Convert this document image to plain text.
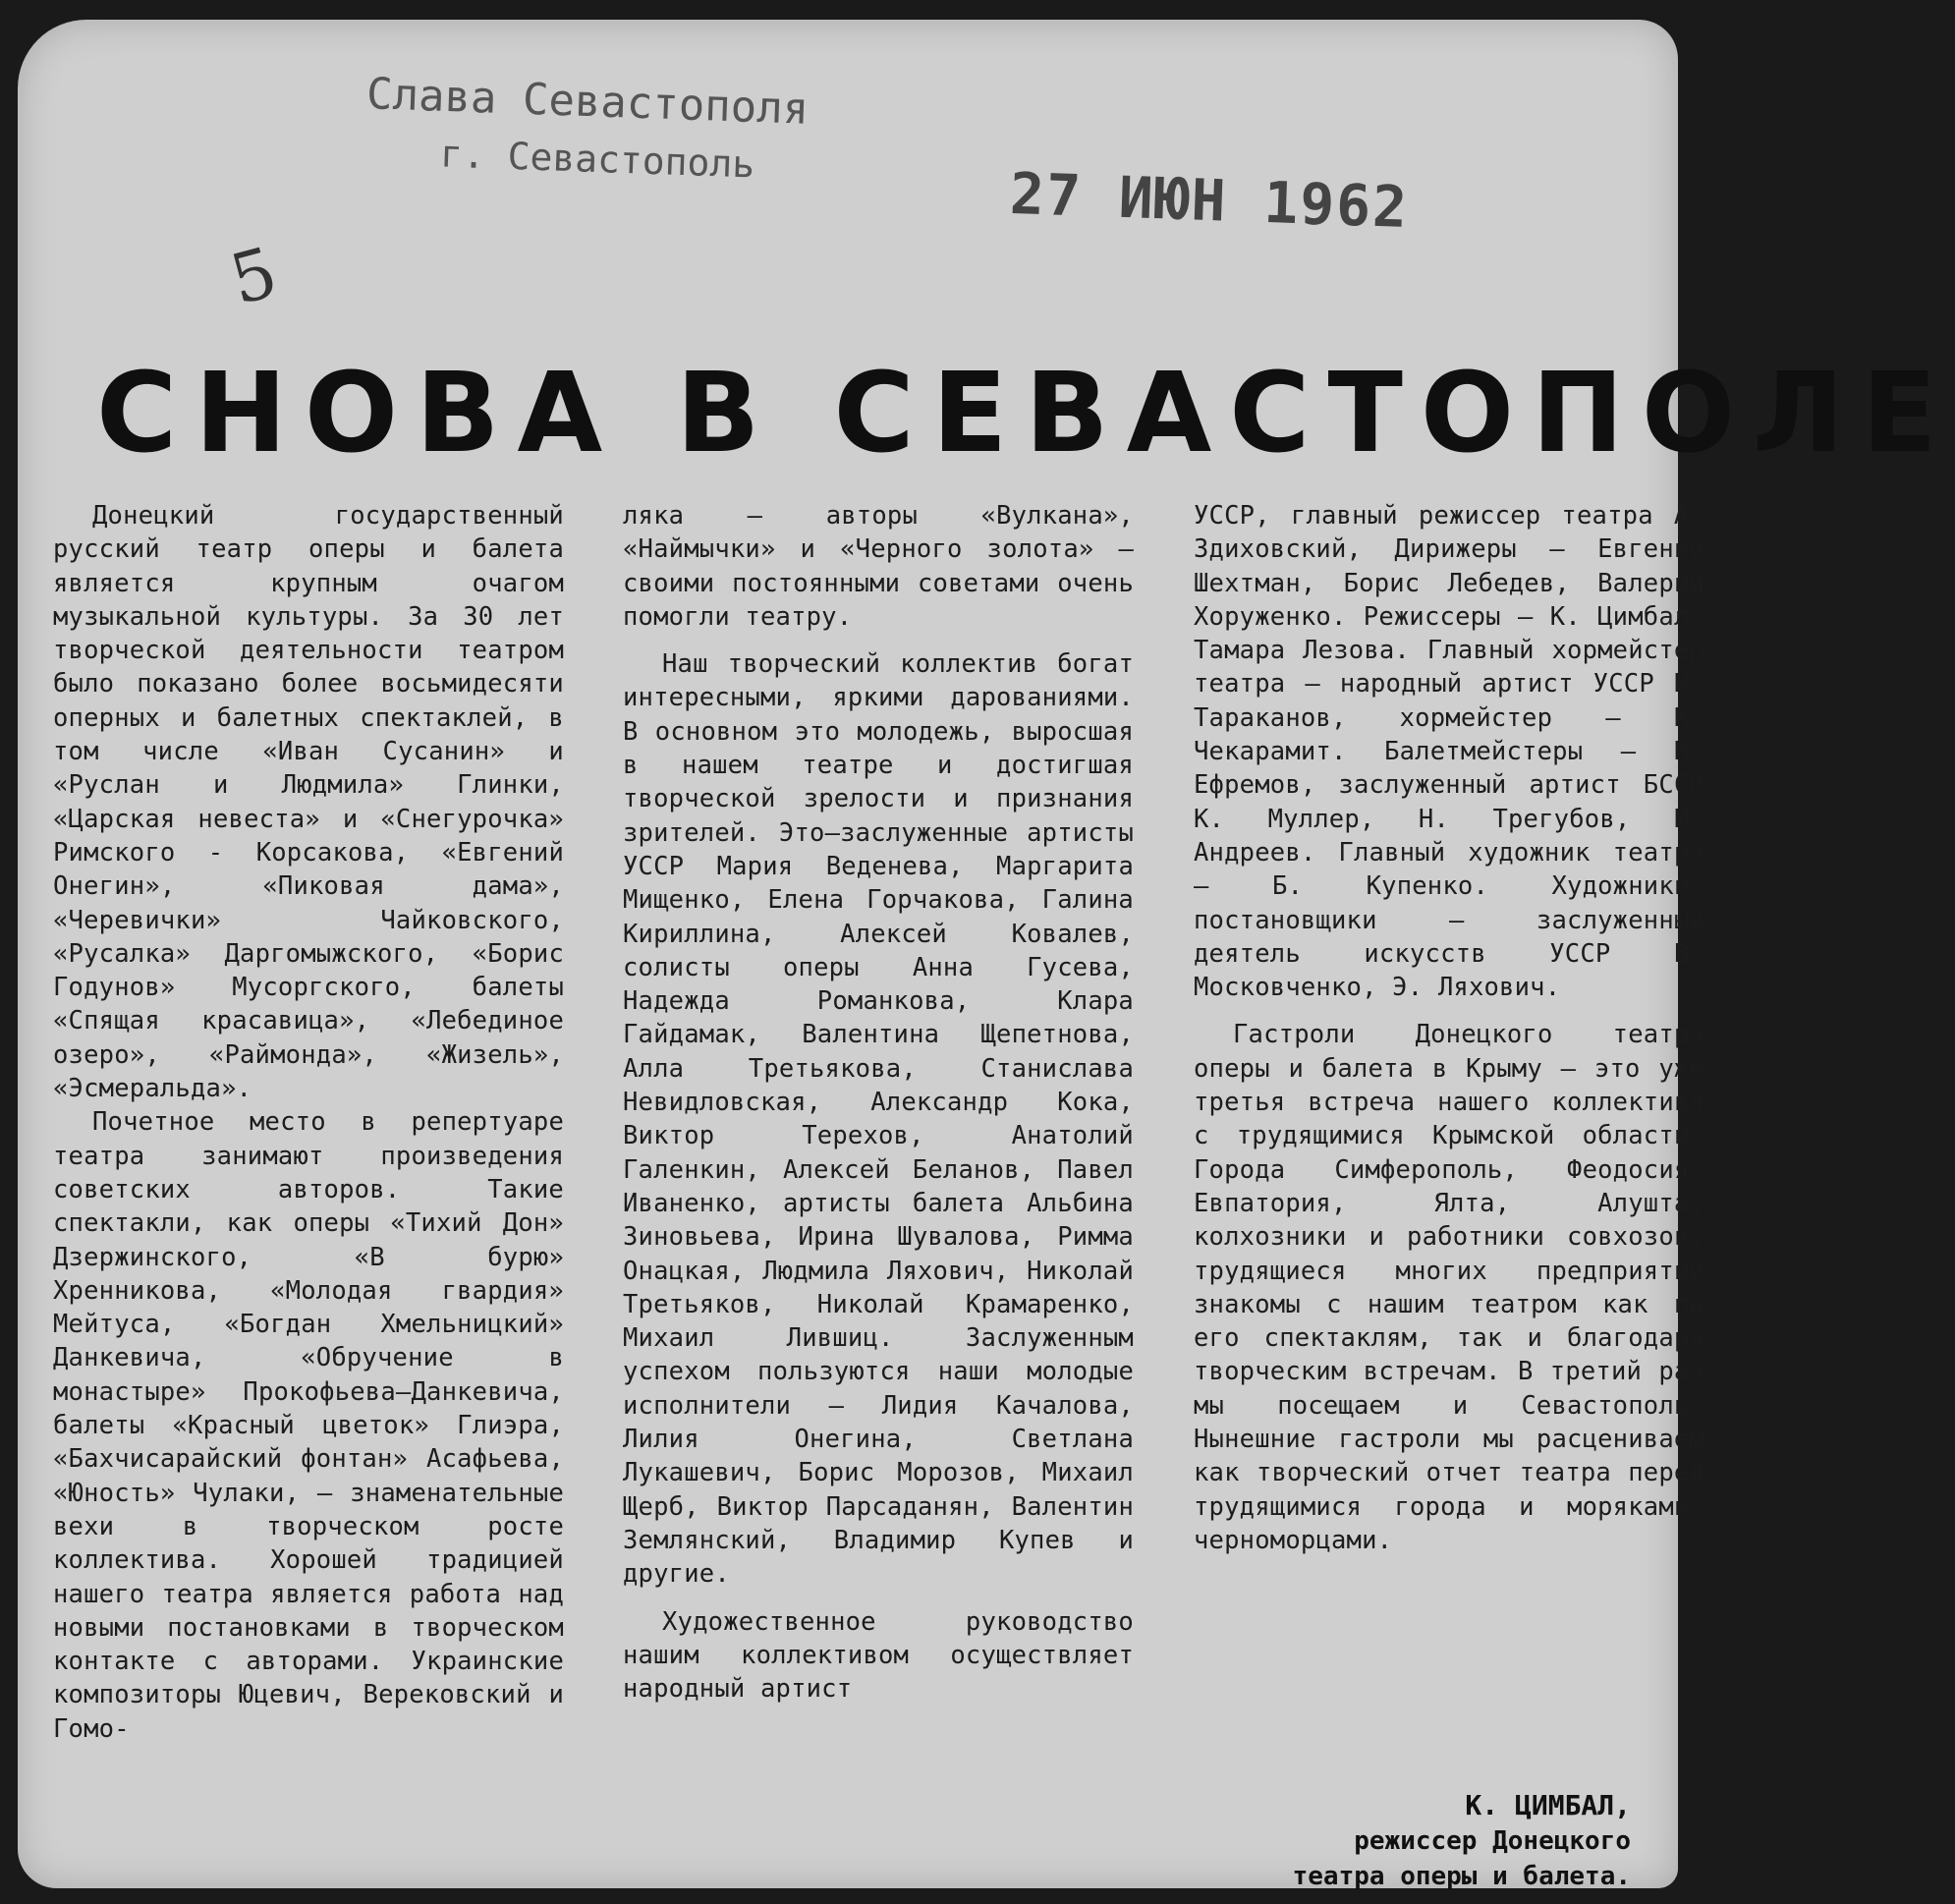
Слава Севастополя
г. Севастополь
27 ИЮН 1962
5
СНОВА В СЕВАСТОПОЛЕ

Донецкий государственный русский театр оперы и балета является крупным очагом музыкальной культуры. За 30 лет творческой деятельности театром было показано более восьмидесяти оперных и балетных спектаклей, в том числе «Иван Сусанин» и «Руслан и Людмила» Глинки, «Царская невеста» и «Снегурочка» Римского - Корсакова, «Евгений Онегин», «Пиковая дама», «Черевички» Чайковского, «Русалка» Даргомыжского, «Борис Годунов» Мусоргского, балеты «Спящая красавица», «Лебединое озеро», «Раймонда», «Жизель», «Эсмеральда».

Почетное место в репертуаре театра занимают произведения советских авторов. Такие спектакли, как оперы «Тихий Дон» Дзержинского, «В бурю» Хренникова, «Молодая гвардия» Мейтуса, «Богдан Хмельницкий» Данкевича, «Обручение в монастыре» Прокофьева—Данкевича, балеты «Красный цветок» Глиэра, «Бахчисарайский фонтан» Асафьева, «Юность» Чулаки, — знаменательные вехи в творческом росте коллектива. Хорошей традицией нашего театра является работа над новыми постановками в творческом контакте с авторами. Украинские композиторы Юцевич, Верековский и Гомо-

ляка — авторы «Вулкана», «Наймычки» и «Черного золота» — своими постоянными советами очень помогли театру.

Наш творческий коллектив богат интересными, яркими дарованиями. В основном это молодежь, выросшая в нашем театре и достигшая творческой зрелости и признания зрителей. Это—заслуженные артисты УССР Мария Веденева, Маргарита Мищенко, Елена Горчакова, Галина Кириллина, Алексей Ковалев, солисты оперы Анна Гусева, Надежда Романкова, Клара Гайдамак, Валентина Щепетнова, Алла Третьякова, Станислава Невидловская, Александр Кока, Виктор Терехов, Анатолий Галенкин, Алексей Беланов, Павел Иваненко, артисты балета Альбина Зиновьева, Ирина Шувалова, Римма Онацкая, Людмила Ляхович, Николай Третьяков, Николай Крамаренко, Михаил Лившиц. Заслуженным успехом пользуются наши молодые исполнители — Лидия Качалова, Лилия Онегина, Светлана Лукашевич, Борис Морозов, Михаил Щерб, Виктор Парсаданян, Валентин Землянский, Владимир Купев и другие.

Художественное руководство нашим коллективом осуществляет народный артист

УССР, главный режиссер театра А. Здиховский, Дирижеры — Евгений Шехтман, Борис Лебедев, Валерий Хоруженко. Режиссеры — К. Цимбал, Тамара Лезова. Главный хормейстер театра — народный артист УССР Н. Тараканов, хормейстер — К. Чекарамит. Балетмейстеры — Н. Ефремов, заслуженный артист БССР К. Муллер, Н. Трегубов, И. Андреев. Главный художник театра — Б. Купенко. Художники-постановщики — заслуженный деятель искусств УССР В. Московченко, Э. Ляхович.

Гастроли Донецкого театра оперы и балета в Крыму — это уже третья встреча нашего коллектива с трудящимися Крымской области. Города Симферополь, Феодосия, Евпатория, Ялта, Алушта, колхозники и работники совхозов, трудящиеся многих предприятий знакомы с нашим театром как по его спектаклям, так и благодаря творческим встречам. В третий раз мы посещаем и Севастополь. Нынешние гастроли мы расцениваем как творческий отчет театра перед трудящимися города и моряками-черноморцами.

К. ЦИМБАЛ,
режиссер Донецкого
театра оперы и балета.
